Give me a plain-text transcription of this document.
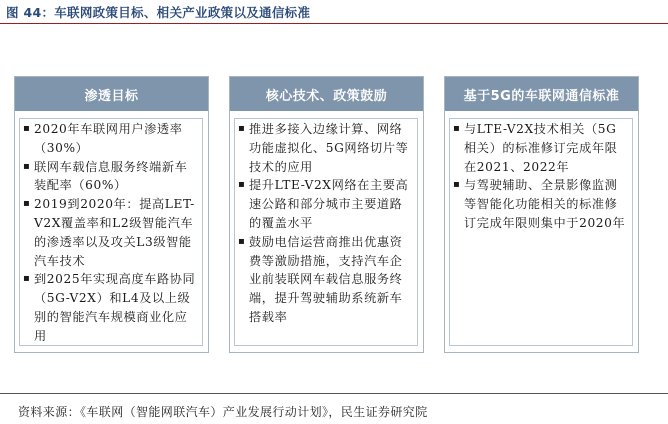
图 44：车联网政策目标、相关产业政策以及通信标准
渗透目标
▪ 2020年车联网用户渗透率（30%）
▪ 联网车载信息服务终端新车装配率（60%）
▪ 2019到2020年：提高LET-V2X覆盖率和L2级智能汽车的渗透率以及攻关L3级智能汽车技术
▪ 到2025年实现高度车路协同（5G-V2X）和L4及以上级别的智能汽车规模商业化应用
核心技术、政策鼓励
▪ 推进多接入边缘计算、网络功能虚拟化、5G网络切片等技术的应用
▪ 提升LTE-V2X网络在主要高速公路和部分城市主要道路的覆盖水平
▪ 鼓励电信运营商推出优惠资费等激励措施，支持汽车企业前装联网车载信息服务终端，提升驾驶辅助系统新车搭载率
基于5G的车联网通信标准
▪ 与LTE-V2X技术相关（5G相关）的标准修订完成年限在2021、2022年
▪ 与驾驶辅助、全景影像监测等智能化功能相关的标准修订完成年限则集中于2020年
资料来源：《车联网（智能网联汽车）产业发展行动计划》，民生证券研究院
